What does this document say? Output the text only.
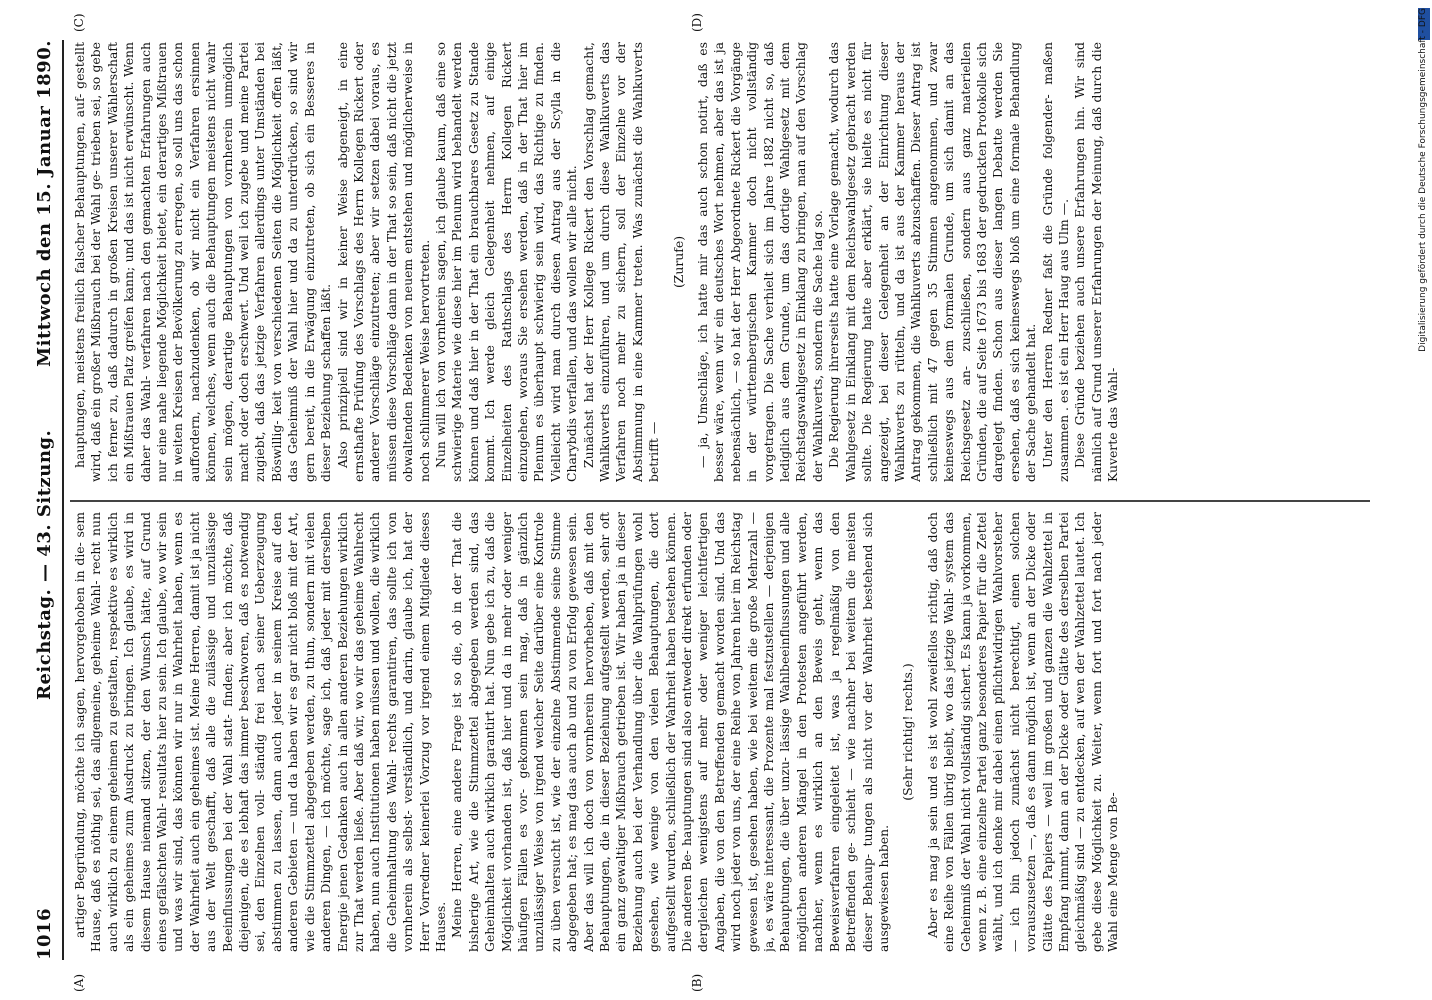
1016
Reichstag. — 43. Sitzung.
Mittwoch den 15. Januar 1890.
(A)	(B)
(C)	(D)

artiger Begründung, möchte ich sagen, hervorgehoben in die- sem Hause, daß es nöthig sei, das allgemeine, geheime Wahl- recht nun auch wirklich zu einem geheimen zu gestalten, respektive es wirklich als ein geheimes zum Ausdruck zu bringen. Ich glaube, es wird in diesem Hause niemand sitzen, der den Wunsch hätte, auf Grund eines gefälschten Wahl- resultats hier zu sein. Ich glaube, wo wir sein und was wir sind, das können wir nur in Wahrheit haben, wenn es der Wahrheit auch ein geheimes ist. Meine Herren, damit ist ja nicht aus der Welt geschafft, daß alle die zulässige und unzulässige Beeinflussungen bei der Wahl statt- finden; aber ich möchte, daß diejenigen, die es lebhaft das immer beschworen, daß es notwendig sei, den Einzelnen voll- ständig frei nach seiner Ueberzeugung abstimmen zu lassen, dann auch jeder in seinem Kreise auf den anderen Gebieten — und da haben wir es gar nicht bloß mit der Art, wie die Stimmzettel abgegeben werden, zu thun, sondern mit vielen anderen Dingen, — ich möchte, sage ich, daß jeder mit derselben Energie jenen Gedanken auch in allen anderen Beziehungen wirklich zur That werden ließe. Aber daß wir, wo wir das geheime Wahlrecht haben, nun auch Institutionen haben müssen und wollen, die wirklich die Geheimhaltung des Wahl- rechts garantiren, das sollte ich von vornherein als selbst- verständlich, und darin, glaube ich, hat der Herr Vorredner keinerlei Vorzug vor irgend einem Mitgliede dieses Hauses. Meine Herren, eine andere Frage ist so die, ob in der That die bisherige Art, wie die Stimmzettel abgegeben werden sind, das Geheimhalten auch wirklich garantirt hat. Nun gebe ich zu, daß die Möglichkeit vorhanden ist, daß hier und da in mehr oder weniger häufigen Fällen es vor- gekommen sein mag, daß in gänzlich unzulässiger Weise von irgend welcher Seite darüber eine Kontrole zu üben versucht ist, wie der einzelne Abstimmende seine Stimme abgegeben hat; es mag das auch ab und zu von Erfolg gewesen sein. Aber das will ich doch von vornherein hervorheben, daß mit den Behauptungen, die in dieser Beziehung aufgestellt werden, sehr oft ein ganz gewaltiger Mißbrauch getrieben ist. Wir haben ja in dieser Beziehung auch bei der Verhandlung über die Wahlprüfungen wohl gesehen, wie wenige von den vielen Behauptungen, die dort aufgestellt wurden, schließlich der Wahrheit haben bestehen können. Die anderen Be- hauptungen sind also entweder direkt erfunden oder dergleichen wenigstens auf mehr oder weniger leichtfertigen Angaben, die von den Betreffenden gemacht worden sind. Und das wird noch jeder von uns, der eine Reihe von Jahren hier im Reichstag gewesen ist, gesehen haben, wie bei weitem die große Mehrzahl — ja, es wäre interessant, die Prozente mal festzustellen — derjenigen Behauptungen, die über unzu- lässige Wahlbeeinflussungen und alle möglichen anderen Mängel in den Protesten angeführt werden, nachher, wenn es wirklich an den Beweis geht, wenn das Beweisverfahren eingeleitet ist, was ja regelmäßig von den Betreffenden ge- schieht — wie nachher bei weitem die meisten dieser Behaup- tungen als nicht vor der Wahrheit bestehend sich ausgewiesen haben.

(Sehr richtig! rechts.) Aber es mag ja sein und es ist wohl zweifellos richtig, daß doch eine Reihe von Fällen übrig bleibt, wo das jetzige Wahl- system das Geheimniß der Wahl nicht vollständig sichert. Es kann ja vorkommen, wenn z. B. eine einzelne Partei ganz besonderes Papier für die Zettel wählt, und ich denke mir dabei einen pflichtwidrigen Wahlvorsteher — ich bin jedoch zunächst nicht berechtigt, einen solchen vorauszusetzen —, daß es dann möglich ist, wenn an der Dicke oder Glätte des Papiers — weil im großen und ganzen die Wahlzettel in Empfang nimmt, dann an der Dicke oder Glätte des derselben Partei gleichmäßig sind — zu entdecken, auf wen der Wahlzettel lautet. Ich gebe diese Möglichkeit zu. Weiter, wenn fort und fort nach jeder Wahl eine Menge von Be-

hauptungen, meistens freilich falscher Behauptungen, auf- gestellt wird, daß ein großer Mißbrauch bei der Wahl ge- trieben sei, so gebe ich ferner zu, daß dadurch in großen Kreisen unserer Wählerschaft ein Mißtrauen Platz greifen kann; und das ist nicht erwünscht. Wenn daher das Wahl- verfahren nach den gemachten Erfahrungen auch nur eine nahe liegende Möglichkeit bietet, ein derartiges Mißtrauen in weiten Kreisen der Bevölkerung zu erregen, so soll uns das schon auffordern, nachzudenken, ob wir nicht ein Verfahren ersinnen können, welches, wenn auch die Behauptungen meistens nicht wahr sein mögen, derartige Behauptungen von vornherein unmöglich macht oder doch erschwert. Und weil ich zugebe und meine Partei zugiebt, daß das jetzige Verfahren allerdings unter Umständen bei Böswillig- keit von verschiedenen Seiten die Möglichkeit offen läßt, das Geheimniß der Wahl hier und da zu unterdrücken, so sind wir gern bereit, in die Erwägung einzutreten, ob sich ein Besseres in dieser Beziehung schaffen läßt. Also prinzipiell sind wir in keiner Weise abgeneigt, in eine ernsthafte Prüfung des Vorschlags des Herrn Kollegen Rickert oder anderer Vorschläge einzutreten; aber wir setzen dabei voraus, es müssen diese Vorschläge dann in der That so sein, daß nicht die jetzt obwaltenden Bedenken von neuem entstehen und möglicherweise in noch schlimmerer Weise hervortreten. Nun will ich von vornherein sagen, ich glaube kaum, daß eine so schwierige Materie wie diese hier im Plenum wird behandelt werden können und daß hier in der That ein brauchbares Gesetz zu Stande kommt. Ich werde gleich Gelegenheit nehmen, auf einige Einzelheiten des Rathschlags des Herrn Kollegen Rickert einzugehen, woraus Sie ersehen werden, daß in der That hier im Plenum es überhaupt schwierig sein wird, das Richtige zu finden. Vielleicht wird man durch diesen Antrag aus der Scylla in die Charybdis verfallen, und das wollen wir alle nicht. Zunächst hat der Herr Kollege Rickert den Vorschlag gemacht, Wahlkuverts einzuführen, und um durch diese Wahlkuverts das Verfahren noch mehr zu sichern, soll der Einzelne vor der Abstimmung in eine Kammer treten. Was zunächst die Wahlkuverts betrifft —

(Zurufe) — ja, Umschläge, ich hatte mir das auch schon notirt, daß es besser wäre, wenn wir ein deutsches Wort nehmen, aber das ist ja nebensächlich, — so hat der Herr Abgeordnete Rickert die Vorgänge in der württembergischen Kammer doch nicht vollständig vorgetragen. Die Sache verhielt sich im Jahre 1882 nicht so, daß lediglich aus dem Grunde, um das dortige Wahlgesetz mit dem Reichstagswahlgesetz in Einklang zu bringen, man auf den Vorschlag der Wahlkuverts, sondern die Sache lag so. Die Regierung ihrerseits hatte eine Vorlage gemacht, wodurch das Wahlgesetz in Einklang mit dem Reichswahlgesetz gebracht werden sollte. Die Regierung hatte aber erklärt, sie hielte es nicht für angezeigt, bei dieser Gelegenheit an der Einrichtung dieser Wahlkuverts zu rütteln, und da ist aus der Kammer heraus der Antrag gekommen, die Wahlkuverts abzuschaffen. Dieser Antrag ist schließlich mit 47 gegen 35 Stimmen angenommen, und zwar keineswegs aus dem formalen Grunde, um sich damit an das Reichsgesetz an- zuschließen, sondern aus ganz materiellen Gründen, die auf Seite 1673 bis 1683 der gedruckten Protokolle sich dargelegt finden. Schon aus dieser langen Debatte werden Sie ersehen, daß es sich keineswegs bloß um eine formale Behandlung der Sache gehandelt hat. Unter den Herren Redner faßt die Gründe folgender- maßen zusammen . es ist ein Herr Haug aus Ulm —. Diese Gründe beziehen auch unsere Erfahrungen hin. Wir sind nämlich auf Grund unserer Erfahrungen der Meinung, daß durch die Kuverte das Wahl-

Digitalisierung gefördert durch die Deutsche Forschungsgemeinschaft - DFG
